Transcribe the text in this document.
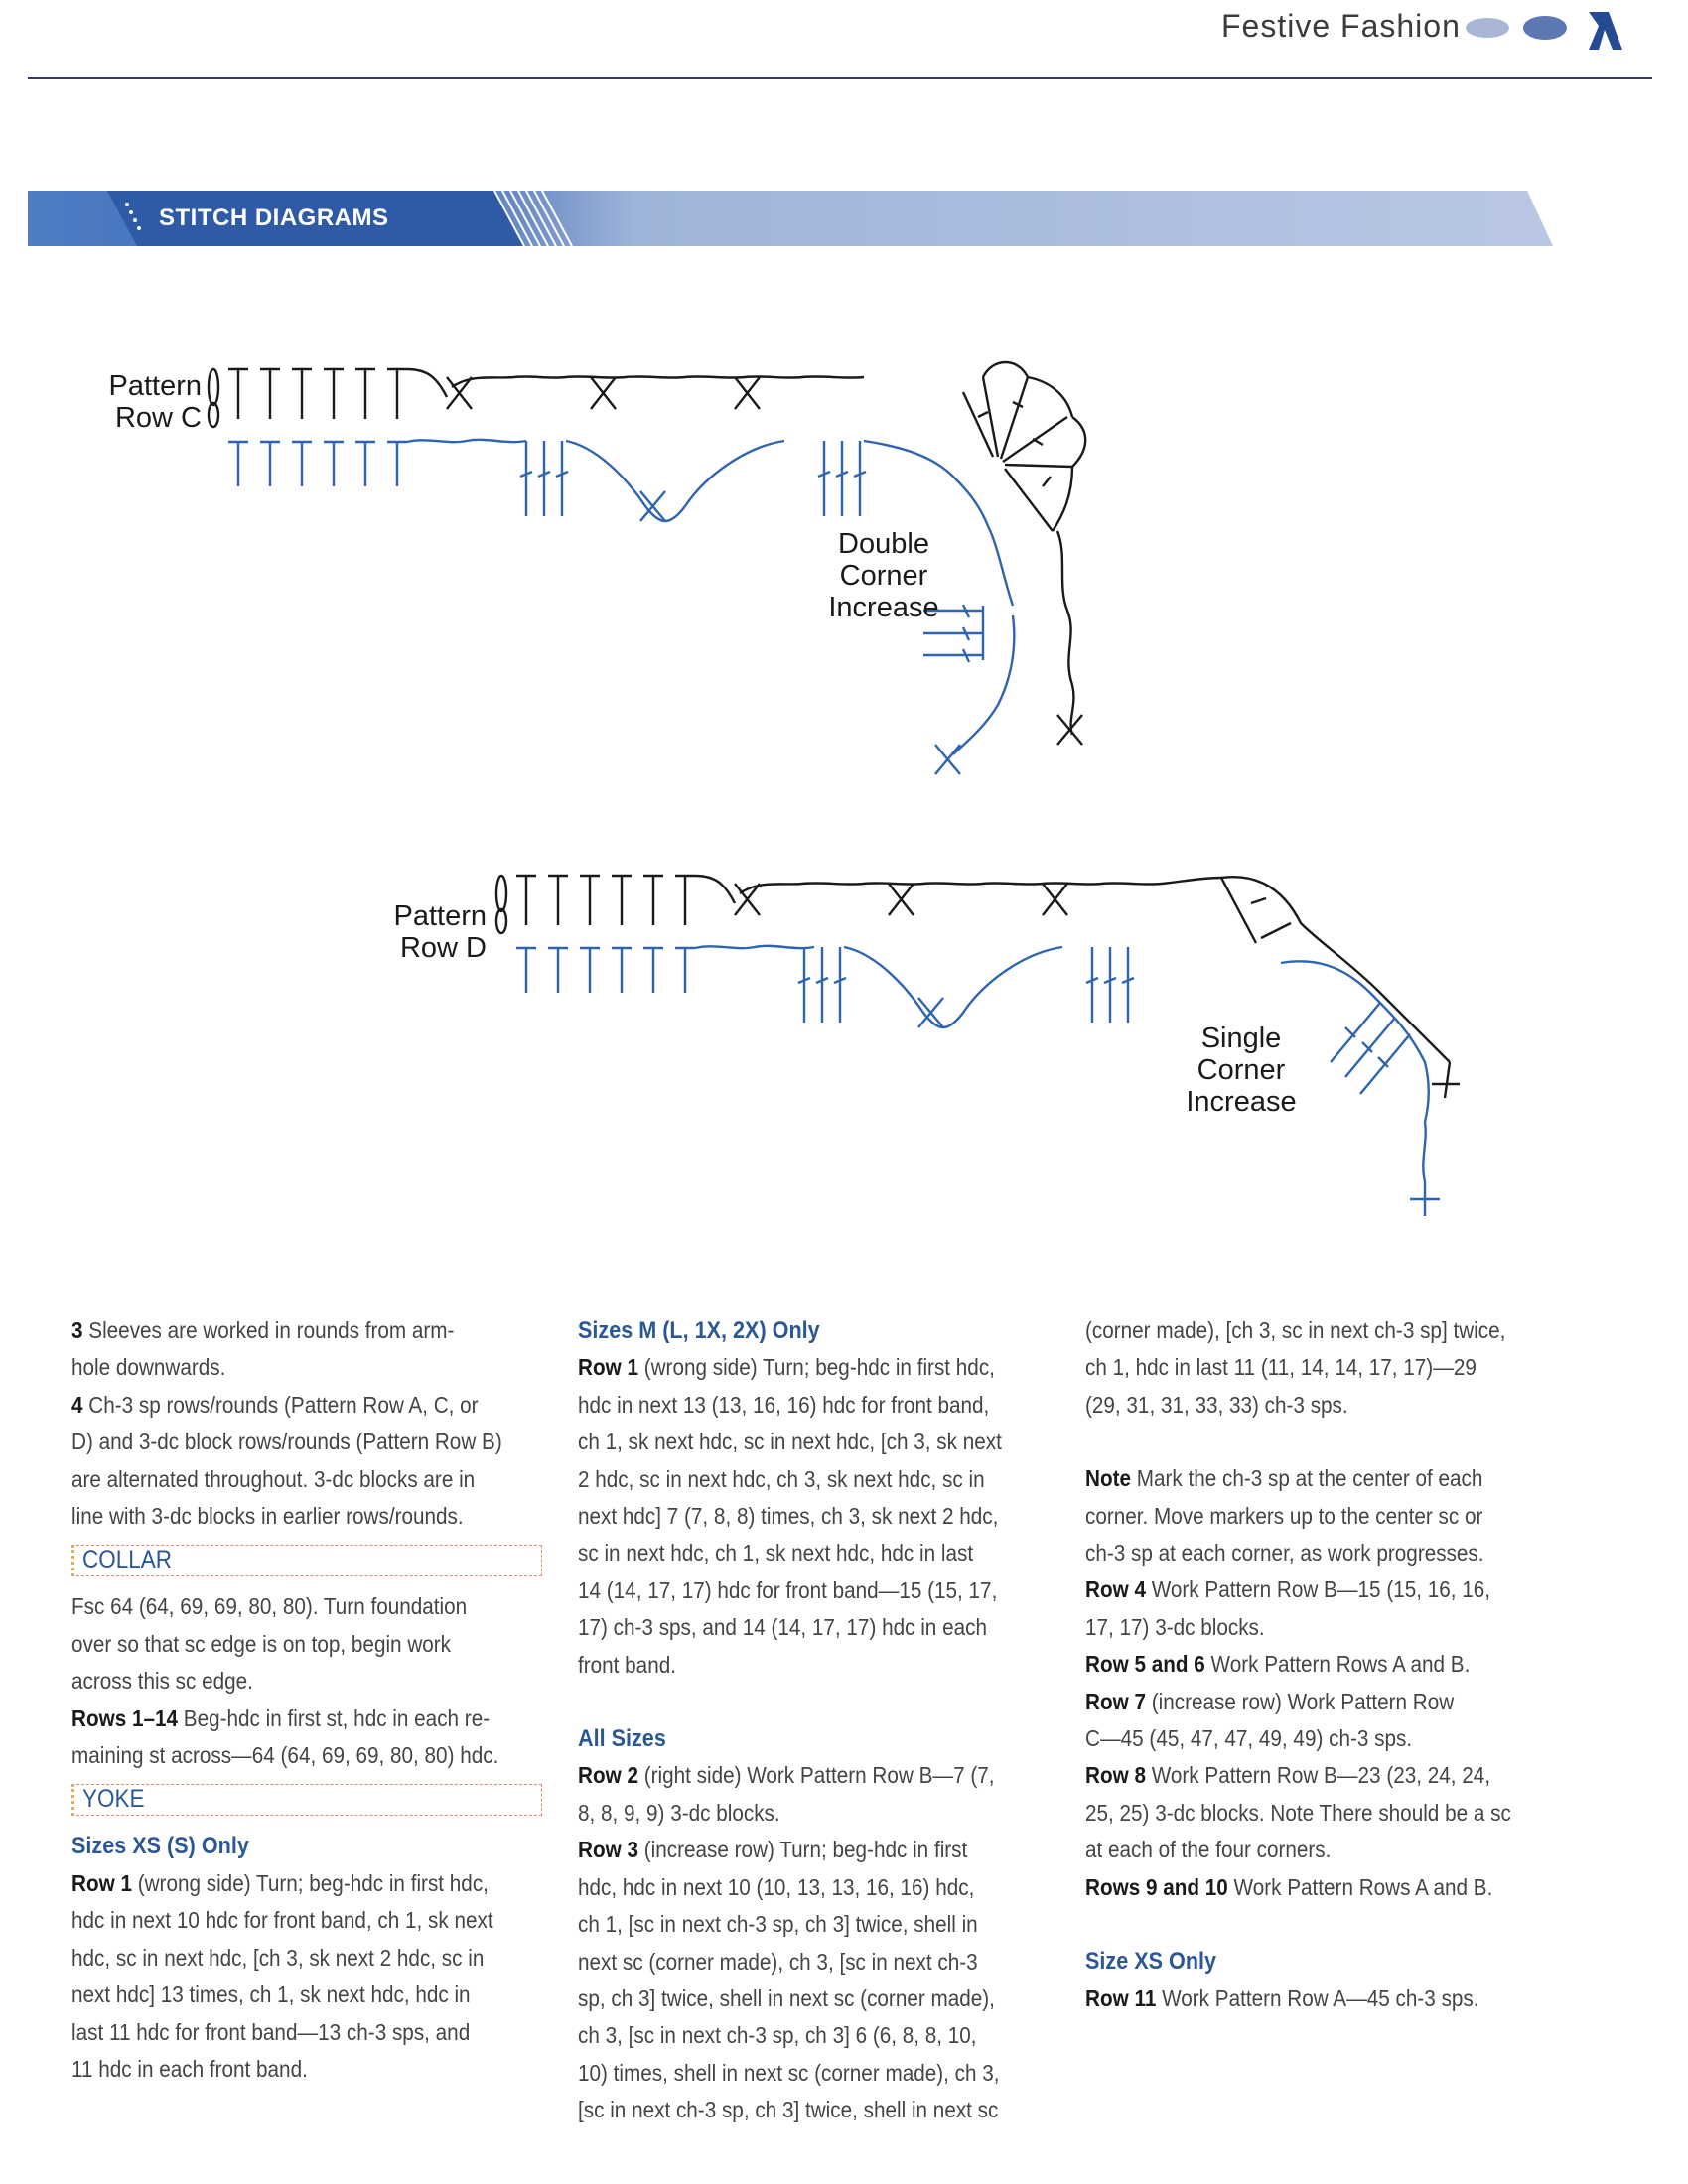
Festive Fashion
STITCH DIAGRAMS
Pattern
Row C
Double
Corner
Increase
Pattern
Row D
Single
Corner
Increase

3 Sleeves are worked in rounds from arm-

hole downwards.

4 Ch-3 sp rows/rounds (Pattern Row A, C, or

D) and 3-dc block rows/rounds (Pattern Row B)

are alternated throughout. 3-dc blocks are in

line with 3-dc blocks in earlier rows/rounds.

COLLAR

Fsc 64 (64, 69, 69, 80, 80). Turn foundation

over so that sc edge is on top, begin work

across this sc edge.

Rows 1–14 Beg-hdc in first st, hdc in each re-

maining st across—64 (64, 69, 69, 80, 80) hdc.

YOKE

Sizes XS (S) Only

Row 1 (wrong side) Turn; beg-hdc in first hdc,

hdc in next 10 hdc for front band, ch 1, sk next

hdc, sc in next hdc, [ch 3, sk next 2 hdc, sc in

next hdc] 13 times, ch 1, sk next hdc, hdc in

last 11 hdc for front band—13 ch-3 sps, and

11 hdc in each front band.

Sizes M (L, 1X, 2X) Only

Row 1 (wrong side) Turn; beg-hdc in first hdc,

hdc in next 13 (13, 16, 16) hdc for front band,

ch 1, sk next hdc, sc in next hdc, [ch 3, sk next

2 hdc, sc in next hdc, ch 3, sk next hdc, sc in

next hdc] 7 (7, 8, 8) times, ch 3, sk next 2 hdc,

sc in next hdc, ch 1, sk next hdc, hdc in last

14 (14, 17, 17) hdc for front band—15 (15, 17,

17) ch-3 sps, and 14 (14, 17, 17) hdc in each

front band.

All Sizes

Row 2 (right side) Work Pattern Row B—7 (7,

8, 8, 9, 9) 3-dc blocks.

Row 3 (increase row) Turn; beg-hdc in first

hdc, hdc in next 10 (10, 13, 13, 16, 16) hdc,

ch 1, [sc in next ch-3 sp, ch 3] twice, shell in

next sc (corner made), ch 3, [sc in next ch-3

sp, ch 3] twice, shell in next sc (corner made),

ch 3, [sc in next ch-3 sp, ch 3] 6 (6, 8, 8, 10,

10) times, shell in next sc (corner made), ch 3,

[sc in next ch-3 sp, ch 3] twice, shell in next sc

(corner made), [ch 3, sc in next ch-3 sp] twice,

ch 1, hdc in last 11 (11, 14, 14, 17, 17)—29

(29, 31, 31, 33, 33) ch-3 sps.

Note Mark the ch-3 sp at the center of each

corner. Move markers up to the center sc or

ch-3 sp at each corner, as work progresses.

Row 4 Work Pattern Row B—15 (15, 16, 16,

17, 17) 3-dc blocks.

Row 5 and 6 Work Pattern Rows A and B.

Row 7 (increase row) Work Pattern Row

C—45 (45, 47, 47, 49, 49) ch-3 sps.

Row 8 Work Pattern Row B—23 (23, 24, 24,

25, 25) 3-dc blocks. Note There should be a sc

at each of the four corners.

Rows 9 and 10 Work Pattern Rows A and B.

Size XS Only

Row 11 Work Pattern Row A—45 ch-3 sps.
